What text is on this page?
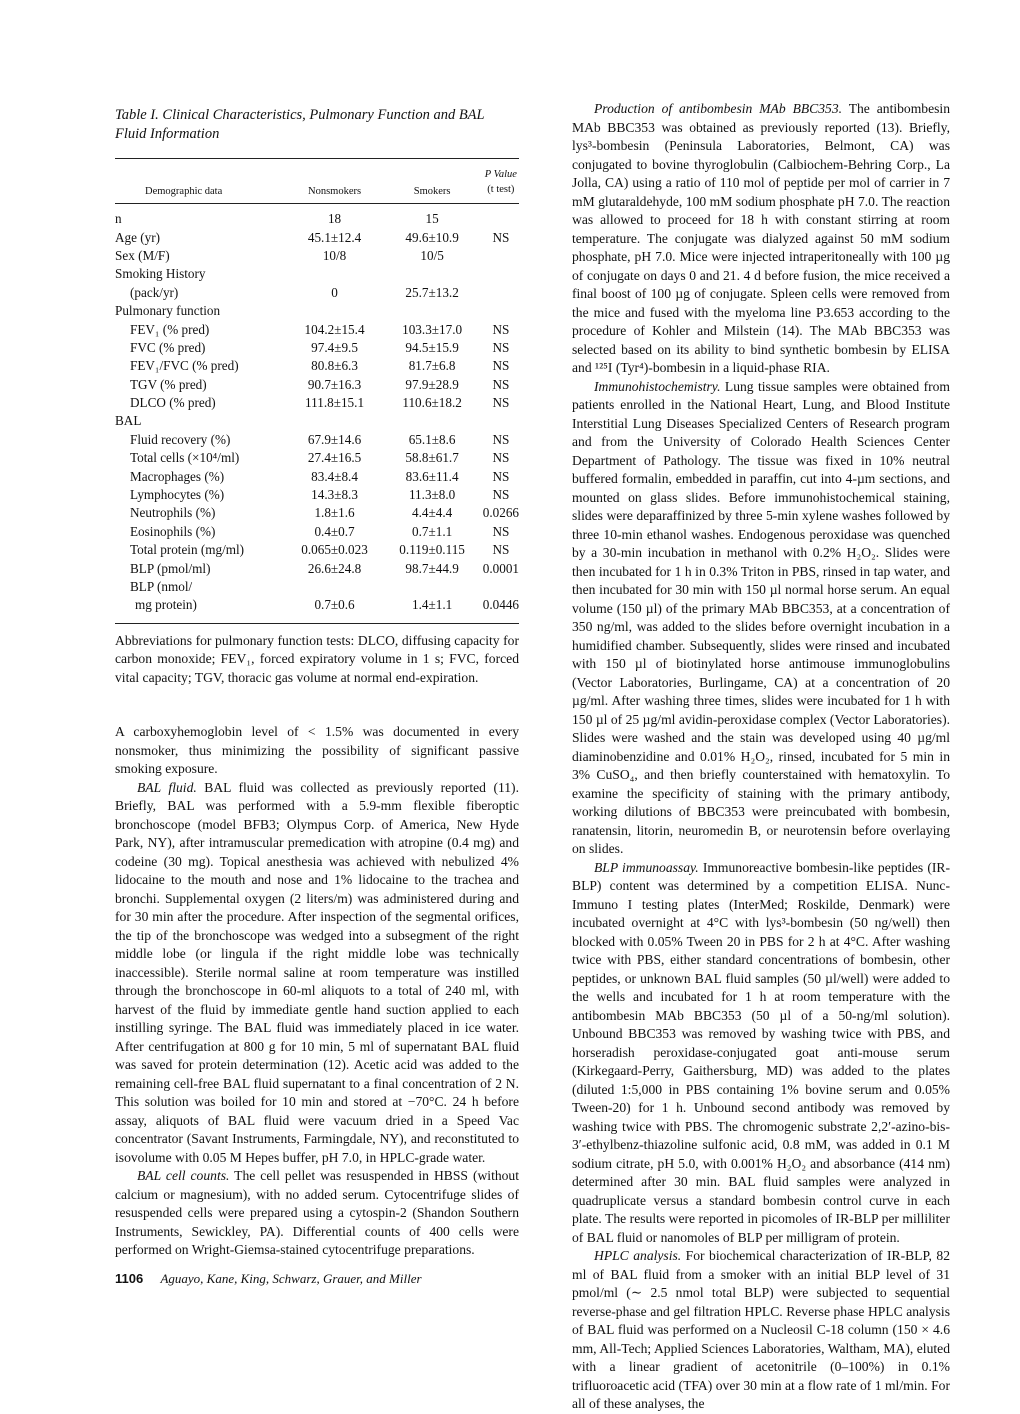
Table I. Clinical Characteristics, Pulmonary Function and BAL
Fluid Information
Demographic data	Nonsmokers	Smokers	P Value
(t test)
n	18	15	
Age (yr)	45.1±12.4	49.6±10.9	NS
Sex (M/F)	10/8	10/5	
Smoking History			
(pack/yr)	0	25.7±13.2	
Pulmonary function			
FEV₁ (% pred)	104.2±15.4	103.3±17.0	NS
FVC (% pred)	97.4±9.5	94.5±15.9	NS
FEV₁/FVC (% pred)	80.8±6.3	81.7±6.8	NS
TGV (% pred)	90.7±16.3	97.9±28.9	NS
DLCO (% pred)	111.8±15.1	110.6±18.2	NS
BAL			
Fluid recovery (%)	67.9±14.6	65.1±8.6	NS
Total cells (×10⁴/ml)	27.4±16.5	58.8±61.7	NS
Macrophages (%)	83.4±8.4	83.6±11.4	NS
Lymphocytes (%)	14.3±8.3	11.3±8.0	NS
Neutrophils (%)	1.8±1.6	4.4±4.4	0.0266
Eosinophils (%)	0.4±0.7	0.7±1.1	NS
Total protein (mg/ml)	0.065±0.023	0.119±0.115	NS
BLP (pmol/ml)	26.6±24.8	98.7±44.9	0.0001
BLP (nmol/			
mg protein)	0.7±0.6	1.4±1.1	0.0446
Abbreviations for pulmonary function tests: DLCO, diffusing capacity for carbon monoxide; FEV₁, forced expiratory volume in 1 s; FVC, forced vital capacity; TGV, thoracic gas volume at normal end-expiration.

A carboxyhemoglobin level of < 1.5% was documented in every nonsmoker, thus minimizing the possibility of significant passive smoking exposure.

BAL fluid. BAL fluid was collected as previously reported (11). Briefly, BAL was performed with a 5.9-mm flexible fiberoptic bronchoscope (model BFB3; Olympus Corp. of America, New Hyde Park, NY), after intramuscular premedication with atropine (0.4 mg) and codeine (30 mg). Topical anesthesia was achieved with nebulized 4% lidocaine to the mouth and nose and 1% lidocaine to the trachea and bronchi. Supplemental oxygen (2 liters/m) was administered during and for 30 min after the procedure. After inspection of the segmental orifices, the tip of the bronchoscope was wedged into a subsegment of the right middle lobe (or lingula if the right middle lobe was technically inaccessible). Sterile normal saline at room temperature was instilled through the bronchoscope in 60-ml aliquots to a total of 240 ml, with harvest of the fluid by immediate gentle hand suction applied to each instilling syringe. The BAL fluid was immediately placed in ice water. After centrifugation at 800 g for 10 min, 5 ml of supernatant BAL fluid was saved for protein determination (12). Acetic acid was added to the remaining cell-free BAL fluid supernatant to a final concentration of 2 N. This solution was boiled for 10 min and stored at −70°C. 24 h before assay, aliquots of BAL fluid were vacuum dried in a Speed Vac concentrator (Savant Instruments, Farmingdale, NY), and reconstituted to isovolume with 0.05 M Hepes buffer, pH 7.0, in HPLC-grade water.

BAL cell counts. The cell pellet was resuspended in HBSS (without calcium or magnesium), with no added serum. Cytocentrifuge slides of resuspended cells were prepared using a cytospin-2 (Shandon Southern Instruments, Sewickley, PA). Differential counts of 400 cells were performed on Wright-Giemsa-stained cytocentrifuge preparations.

Production of antibombesin MAb BBC353. The antibombesin MAb BBC353 was obtained as previously reported (13). Briefly, lys³-bombesin (Peninsula Laboratories, Belmont, CA) was conjugated to bovine thyroglobulin (Calbiochem-Behring Corp., La Jolla, CA) using a ratio of 110 mol of peptide per mol of carrier in 7 mM glutaraldehyde, 100 mM sodium phosphate pH 7.0. The reaction was allowed to proceed for 18 h with constant stirring at room temperature. The conjugate was dialyzed against 50 mM sodium phosphate, pH 7.0. Mice were injected intraperitoneally with 100 µg of conjugate on days 0 and 21. 4 d before fusion, the mice received a final boost of 100 µg of conjugate. Spleen cells were removed from the mice and fused with the myeloma line P3.653 according to the procedure of Kohler and Milstein (14). The MAb BBC353 was selected based on its ability to bind synthetic bombesin by ELISA and ¹²⁵I (Tyr⁴)-bombesin in a liquid-phase RIA.

Immunohistochemistry. Lung tissue samples were obtained from patients enrolled in the National Heart, Lung, and Blood Institute Interstitial Lung Diseases Specialized Centers of Research program and from the University of Colorado Health Sciences Center Department of Pathology. The tissue was fixed in 10% neutral buffered formalin, embedded in paraffin, cut into 4-µm sections, and mounted on glass slides. Before immunohistochemical staining, slides were deparaffinized by three 5-min xylene washes followed by three 10-min ethanol washes. Endogenous peroxidase was quenched by a 30-min incubation in methanol with 0.2% H₂O₂. Slides were then incubated for 1 h in 0.3% Triton in PBS, rinsed in tap water, and then incubated for 30 min with 150 µl normal horse serum. An equal volume (150 µl) of the primary MAb BBC353, at a concentration of 350 ng/ml, was added to the slides before overnight incubation in a humidified chamber. Subsequently, slides were rinsed and incubated with 150 µl of biotinylated horse antimouse immunoglobulins (Vector Laboratories, Burlingame, CA) at a concentration of 20 µg/ml. After washing three times, slides were incubated for 1 h with 150 µl of 25 µg/ml avidin-peroxidase complex (Vector Laboratories). Slides were washed and the stain was developed using 40 µg/ml diaminobenzidine and 0.01% H₂O₂, rinsed, incubated for 5 min in 3% CuSO₄, and then briefly counterstained with hematoxylin. To examine the specificity of staining with the primary antibody, working dilutions of BBC353 were preincubated with bombesin, ranatensin, litorin, neuromedin B, or neurotensin before overlaying on slides.

BLP immunoassay. Immunoreactive bombesin-like peptides (IR-BLP) content was determined by a competition ELISA. Nunc-Immuno I testing plates (InterMed; Roskilde, Denmark) were incubated overnight at 4°C with lys³-bombesin (50 ng/well) then blocked with 0.05% Tween 20 in PBS for 2 h at 4°C. After washing twice with PBS, either standard concentrations of bombesin, other peptides, or unknown BAL fluid samples (50 µl/well) were added to the wells and incubated for 1 h at room temperature with the antibombesin MAb BBC353 (50 µl of a 50-ng/ml solution). Unbound BBC353 was removed by washing twice with PBS, and horseradish peroxidase-conjugated goat anti-mouse serum (Kirkegaard-Perry, Gaithersburg, MD) was added to the plates (diluted 1:5,000 in PBS containing 1% bovine serum and 0.05% Tween-20) for 1 h. Unbound second antibody was removed by washing twice with PBS. The chromogenic substrate 2,2′-azino-bis-3′-ethylbenz-thiazoline sulfonic acid, 0.8 mM, was added in 0.1 M sodium citrate, pH 5.0, with 0.001% H₂O₂ and absorbance (414 nm) determined after 30 min. BAL fluid samples were analyzed in quadruplicate versus a standard bombesin control curve in each plate. The results were reported in picomoles of IR-BLP per milliliter of BAL fluid or nanomoles of BLP per milligram of protein.

HPLC analysis. For biochemical characterization of IR-BLP, 82 ml of BAL fluid from a smoker with an initial BLP level of 31 pmol/ml (∼ 2.5 nmol total BLP) were subjected to sequential reverse-phase and gel filtration HPLC. Reverse phase HPLC analysis of BAL fluid was performed on a Nucleosil C-18 column (150 × 4.6 mm, All-Tech; Applied Sciences Laboratories, Waltham, MA), eluted with a linear gradient of acetonitrile (0–100%) in 0.1% trifluoroacetic acid (TFA) over 30 min at a flow rate of 1 ml/min. For all of these analyses, the

1106 Aguayo, Kane, King, Schwarz, Grauer, and Miller
